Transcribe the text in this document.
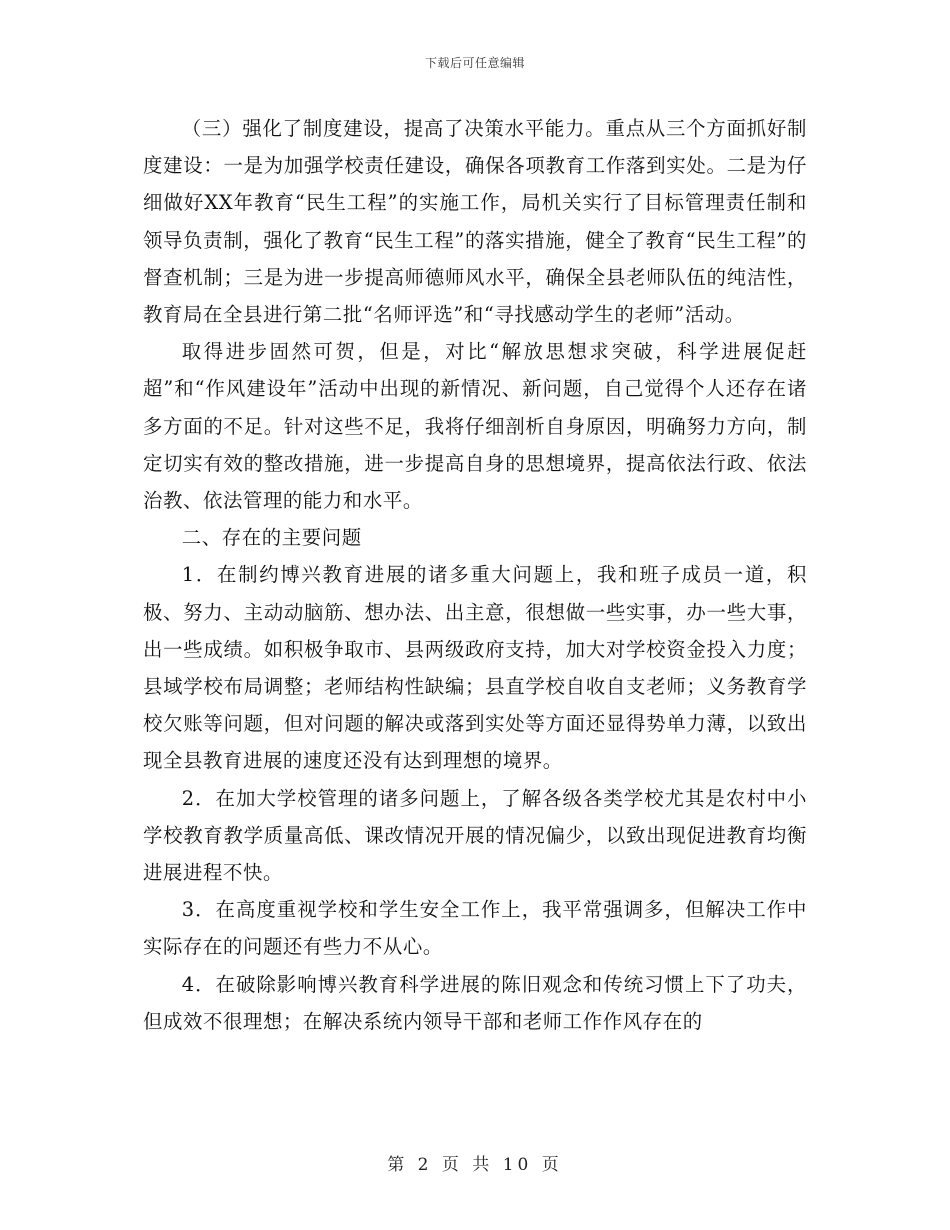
下载后可任意编辑

（三）强化了制度建设，提高了决策水平能力。重点从三个方面抓好制度建设：一是为加强学校责任建设，确保各项教育工作落到实处。二是为仔细做好XX年教育“民生工程”的实施工作，局机关实行了目标管理责任制和领导负责制，强化了教育“民生工程”的落实措施，健全了教育“民生工程”的督查机制；三是为进一步提高师德师风水平，确保全县老师队伍的纯洁性，教育局在全县进行第二批“名师评选”和“寻找感动学生的老师”活动。

取得进步固然可贺，但是，对比“解放思想求突破，科学进展促赶超”和“作风建设年”活动中出现的新情况、新问题，自己觉得个人还存在诸多方面的不足。针对这些不足，我将仔细剖析自身原因，明确努力方向，制定切实有效的整改措施，进一步提高自身的思想境界，提高依法行政、依法治教、依法管理的能力和水平。

二、存在的主要问题

1．在制约博兴教育进展的诸多重大问题上，我和班子成员一道，积极、努力、主动动脑筋、想办法、出主意，很想做一些实事，办一些大事，出一些成绩。如积极争取市、县两级政府支持，加大对学校资金投入力度；县域学校布局调整；老师结构性缺编；县直学校自收自支老师；义务教育学校欠账等问题，但对问题的解决或落到实处等方面还显得势单力薄，以致出现全县教育进展的速度还没有达到理想的境界。

2．在加大学校管理的诸多问题上，了解各级各类学校尤其是农村中小学校教育教学质量高低、课改情况开展的情况偏少，以致出现促进教育均衡进展进程不快。

3．在高度重视学校和学生安全工作上，我平常强调多，但解决工作中实际存在的问题还有些力不从心。

4．在破除影响博兴教育科学进展的陈旧观念和传统习惯上下了功夫，但成效不很理想；在解决系统内领导干部和老师工作作风存在的

第 2 页 共 10 页
